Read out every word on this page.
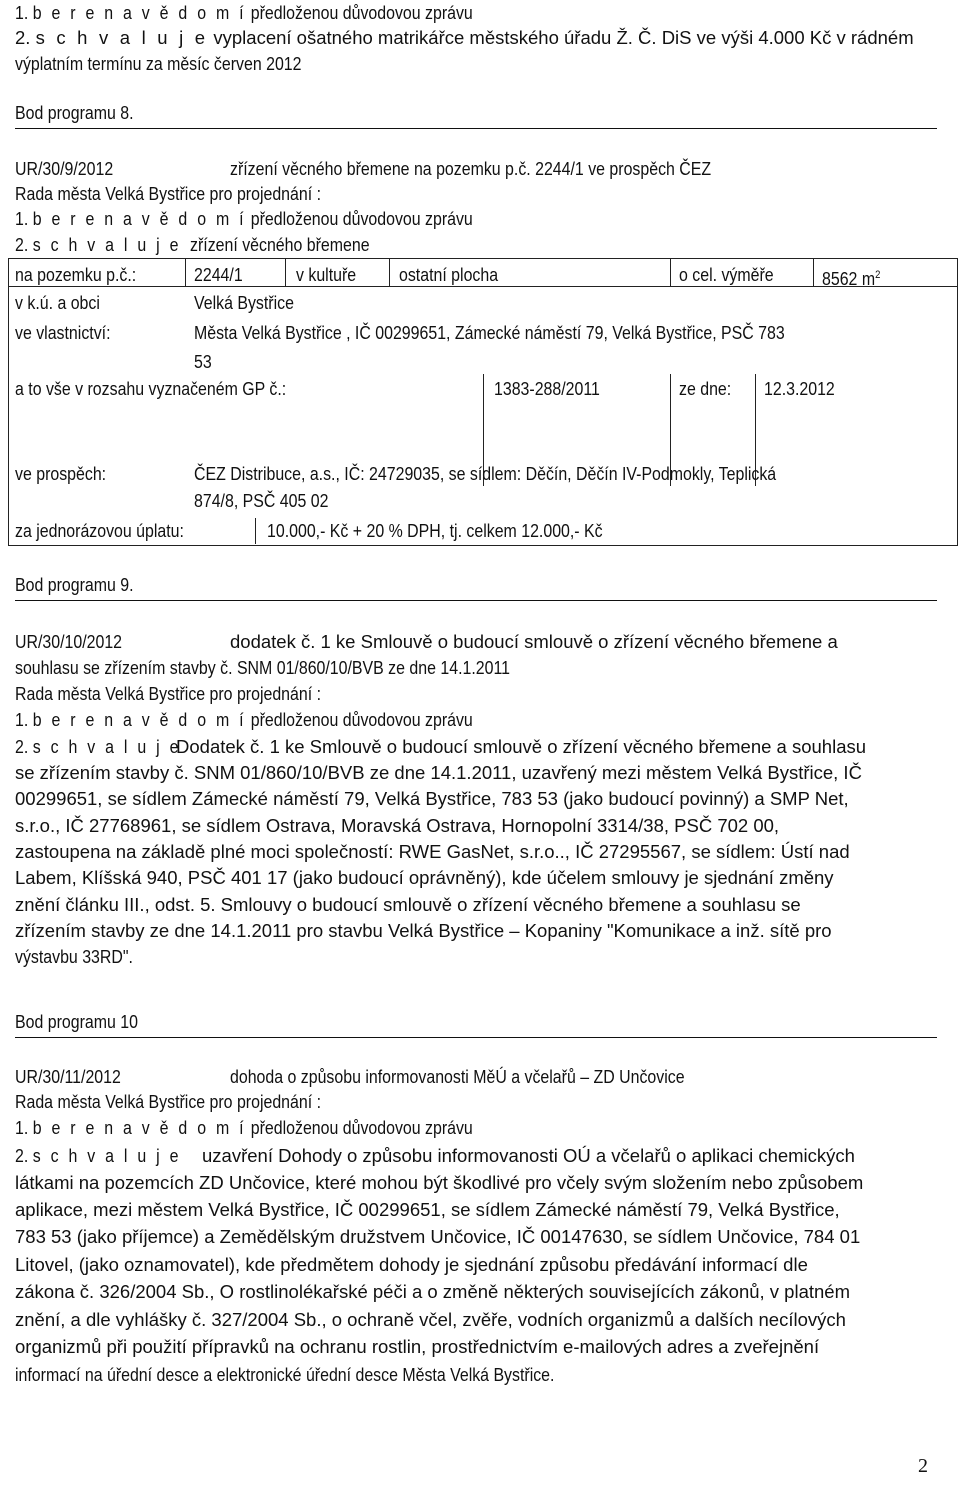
1. b e r e n a v ě d o m í předloženou důvodovou zprávu
2. s c h v a l u j e vyplacení ošatného matrikářce městského úřadu Ž. Č. DiS ve výši 4.000 Kč v rádném
výplatním termínu za měsíc červen 2012
Bod programu 8.
UR/30/9/2012	zřízení věcného břemene na pozemku p.č. 2244/1 ve prospěch ČEZ
Rada města Velká Bystřice pro projednání :
1. b e r e n a v ě d o m í předloženou důvodovou zprávu
2. s c h v a l u j e zřízení věcného břemene
na pozemku p.č.:	2244/1	v kultuře ostatní plocha	o cel. výměře	8562 $m^2$
v k.ú. a obci	Velká Bystřice
ve vlastnictví:	Města Velká Bystřice , IČ 00299651, Zámecké náměstí 79, Velká Bystřice, PSČ 783
53
a to vše v rozsahu vyznačeném GP č.:	1383-288/2011	ze dne: 12.3.2012
ve prospěch:	ČEZ Distribuce, a.s., IČ: 24729035, se sídlem: Děčín, Děčín IV-Podmokly, Teplická
874/8, PSČ 405 02
za jednorázovou úplatu:	10.000,- Kč + 20 % DPH, tj. celkem 12.000,- Kč
Bod programu 9.
UR/30/10/2012	dodatek č. 1 ke Smlouvě o budoucí smlouvě o zřízení věcného břemene a
souhlasu se zřízením stavby č. SNM 01/860/10/BVB ze dne 14.1.2011
Rada města Velká Bystřice pro projednání :
1. b e r e n a v ě d o m í předloženou důvodovou zprávu
2. s c h v a l u j e
Dodatek č. 1 ke Smlouvě o budoucí smlouvě o zřízení věcného břemene a souhlasu
se zřízením stavby č. SNM 01/860/10/BVB ze dne 14.1.2011, uzavřený mezi městem Velká Bystřice, IČ
00299651, se sídlem Zámecké náměstí 79, Velká Bystřice, 783 53 (jako budoucí povinný) a SMP Net,
s.r.o., IČ 27768961, se sídlem Ostrava, Moravská Ostrava, Hornopolní 3314/38, PSČ 702 00,
zastoupena na základě plné moci společností: RWE GasNet, s.r.o.., IČ 27295567, se sídlem: Ústí nad
Labem, Klíšská 940, PSČ 401 17 (jako budoucí oprávněný), kde účelem smlouvy je sjednání změny
znění článku III., odst. 5. Smlouvy o budoucí smlouvě o zřízení věcného břemene a souhlasu se
zřízením stavby ze dne 14.1.2011 pro stavbu Velká Bystřice – Kopaniny "Komunikace a inž. sítě pro
výstavbu 33RD".
Bod programu 10
UR/30/11/2012	dohoda o způsobu informovanosti MěÚ a včelařů – ZD Unčovice
Rada města Velká Bystřice pro projednání :
1. b e r e n a v ě d o m í předloženou důvodovou zprávu
2. s c h v a l u j e uzavření Dohody o způsobu informovanosti OÚ a včelařů o aplikaci chemických
látkami na pozemcích ZD Unčovice, které mohou být škodlivé pro včely svým složením nebo způsobem
aplikace, mezi městem Velká Bystřice, IČ 00299651, se sídlem Zámecké náměstí 79, Velká Bystřice,
783 53 (jako příjemce) a Zemědělským družstvem Unčovice, IČ 00147630, se sídlem Unčovice, 784 01
Litovel, (jako oznamovatel), kde předmětem dohody je sjednání způsobu předávání informací dle
zákona č. 326/2004 Sb., O rostlinolékařské péči a o změně některých souvisejících zákonů, v platném
znění, a dle vyhlášky č. 327/2004 Sb., o ochraně včel, zvěře, vodních organizmů a dalších necílových
organizmů při použití přípravků na ochranu rostlin, prostřednictvím e-mailových adres a zveřejnění
informací na úřední desce a elektronické úřední desce Města Velká Bystřice.
2
